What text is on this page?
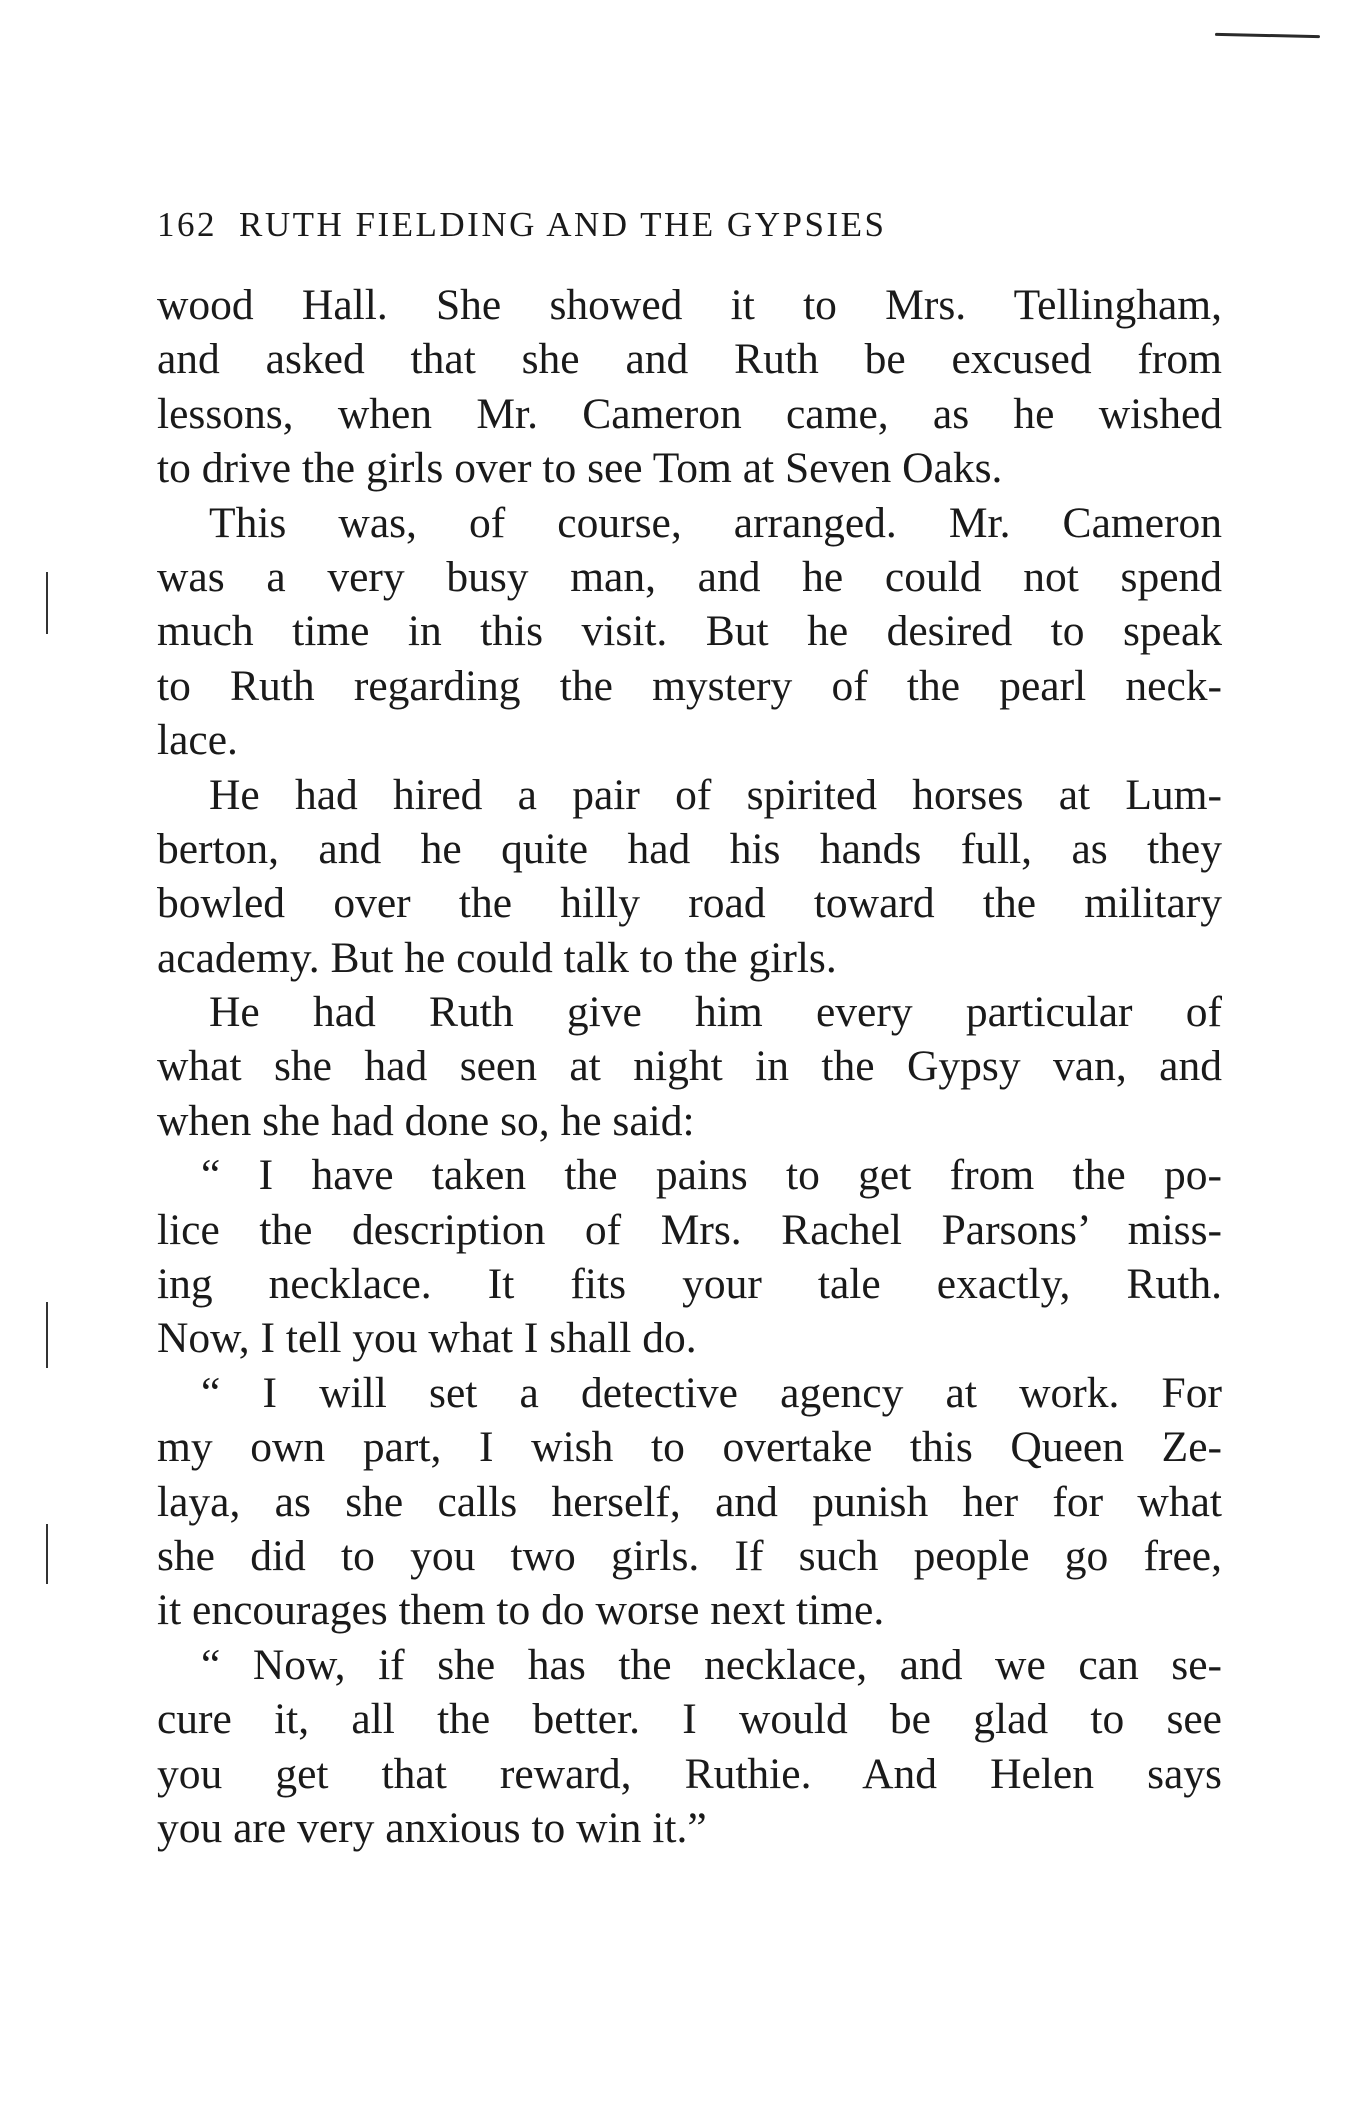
162 RUTH FIELDING AND THE GYPSIES
wood Hall. She showed it to Mrs. Tellingham,
and asked that she and Ruth be excused from
lessons, when Mr. Cameron came, as he wished
to drive the girls over to see Tom at Seven Oaks.
This was, of course, arranged. Mr. Cameron
was a very busy man, and he could not spend
much time in this visit. But he desired to speak
to Ruth regarding the mystery of the pearl neck-
lace.
He had hired a pair of spirited horses at Lum-
berton, and he quite had his hands full, as they
bowled over the hilly road toward the military
academy. But he could talk to the girls.
He had Ruth give him every particular of
what she had seen at night in the Gypsy van, and
when she had done so, he said:
“ I have taken the pains to get from the po-
lice the description of Mrs. Rachel Parsons’ miss-
ing necklace. It fits your tale exactly, Ruth.
Now, I tell you what I shall do.
“ I will set a detective agency at work. For
my own part, I wish to overtake this Queen Ze-
laya, as she calls herself, and punish her for what
she did to you two girls. If such people go free,
it encourages them to do worse next time.
“ Now, if she has the necklace, and we can se-
cure it, all the better. I would be glad to see
you get that reward, Ruthie. And Helen says
you are very anxious to win it.”
